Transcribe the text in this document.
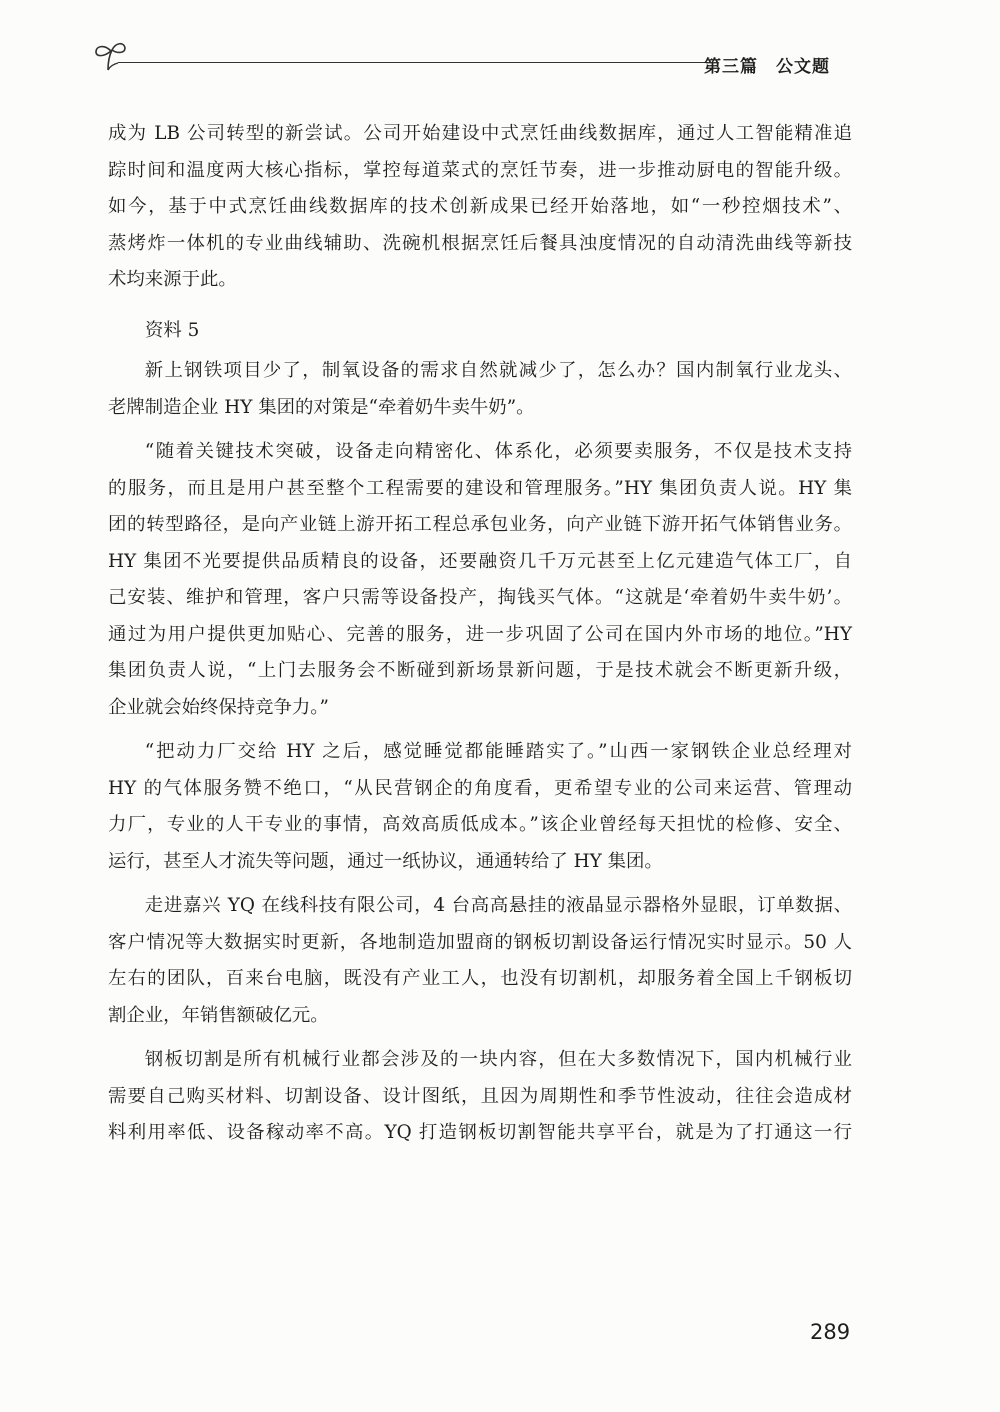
第三篇　公文题

成为 LB 公司转型的新尝试。公司开始建设中式烹饪曲线数据库，通过人工智能精准追
踪时间和温度两大核心指标，掌控每道菜式的烹饪节奏，进一步推动厨电的智能升级。
如今，基于中式烹饪曲线数据库的技术创新成果已经开始落地，如“一秒控烟技术”、
蒸烤炸一体机的专业曲线辅助、洗碗机根据烹饪后餐具浊度情况的自动清洗曲线等新技
术均来源于此。

资料 5

新上钢铁项目少了，制氧设备的需求自然就减少了，怎么办？国内制氧行业龙头、
老牌制造企业 HY 集团的对策是“牵着奶牛卖牛奶”。

“随着关键技术突破，设备走向精密化、体系化，必须要卖服务，不仅是技术支持
的服务，而且是用户甚至整个工程需要的建设和管理服务。”HY 集团负责人说。HY 集
团的转型路径，是向产业链上游开拓工程总承包业务，向产业链下游开拓气体销售业务。
HY 集团不光要提供品质精良的设备，还要融资几千万元甚至上亿元建造气体工厂，自
己安装、维护和管理，客户只需等设备投产，掏钱买气体。“这就是‘牵着奶牛卖牛奶’。
通过为用户提供更加贴心、完善的服务，进一步巩固了公司在国内外市场的地位。”HY
集团负责人说，“上门去服务会不断碰到新场景新问题，于是技术就会不断更新升级，
企业就会始终保持竞争力。”

“把动力厂交给 HY 之后，感觉睡觉都能睡踏实了。”山西一家钢铁企业总经理对
HY 的气体服务赞不绝口，“从民营钢企的角度看，更希望专业的公司来运营、管理动
力厂，专业的人干专业的事情，高效高质低成本。”该企业曾经每天担忧的检修、安全、
运行，甚至人才流失等问题，通过一纸协议，通通转给了 HY 集团。

走进嘉兴 YQ 在线科技有限公司，4 台高高悬挂的液晶显示器格外显眼，订单数据、
客户情况等大数据实时更新，各地制造加盟商的钢板切割设备运行情况实时显示。50 人
左右的团队，百来台电脑，既没有产业工人，也没有切割机，却服务着全国上千钢板切
割企业，年销售额破亿元。

钢板切割是所有机械行业都会涉及的一块内容，但在大多数情况下，国内机械行业
需要自己购买材料、切割设备、设计图纸，且因为周期性和季节性波动，往往会造成材
料利用率低、设备稼动率不高。YQ 打造钢板切割智能共享平台，就是为了打通这一行

289
